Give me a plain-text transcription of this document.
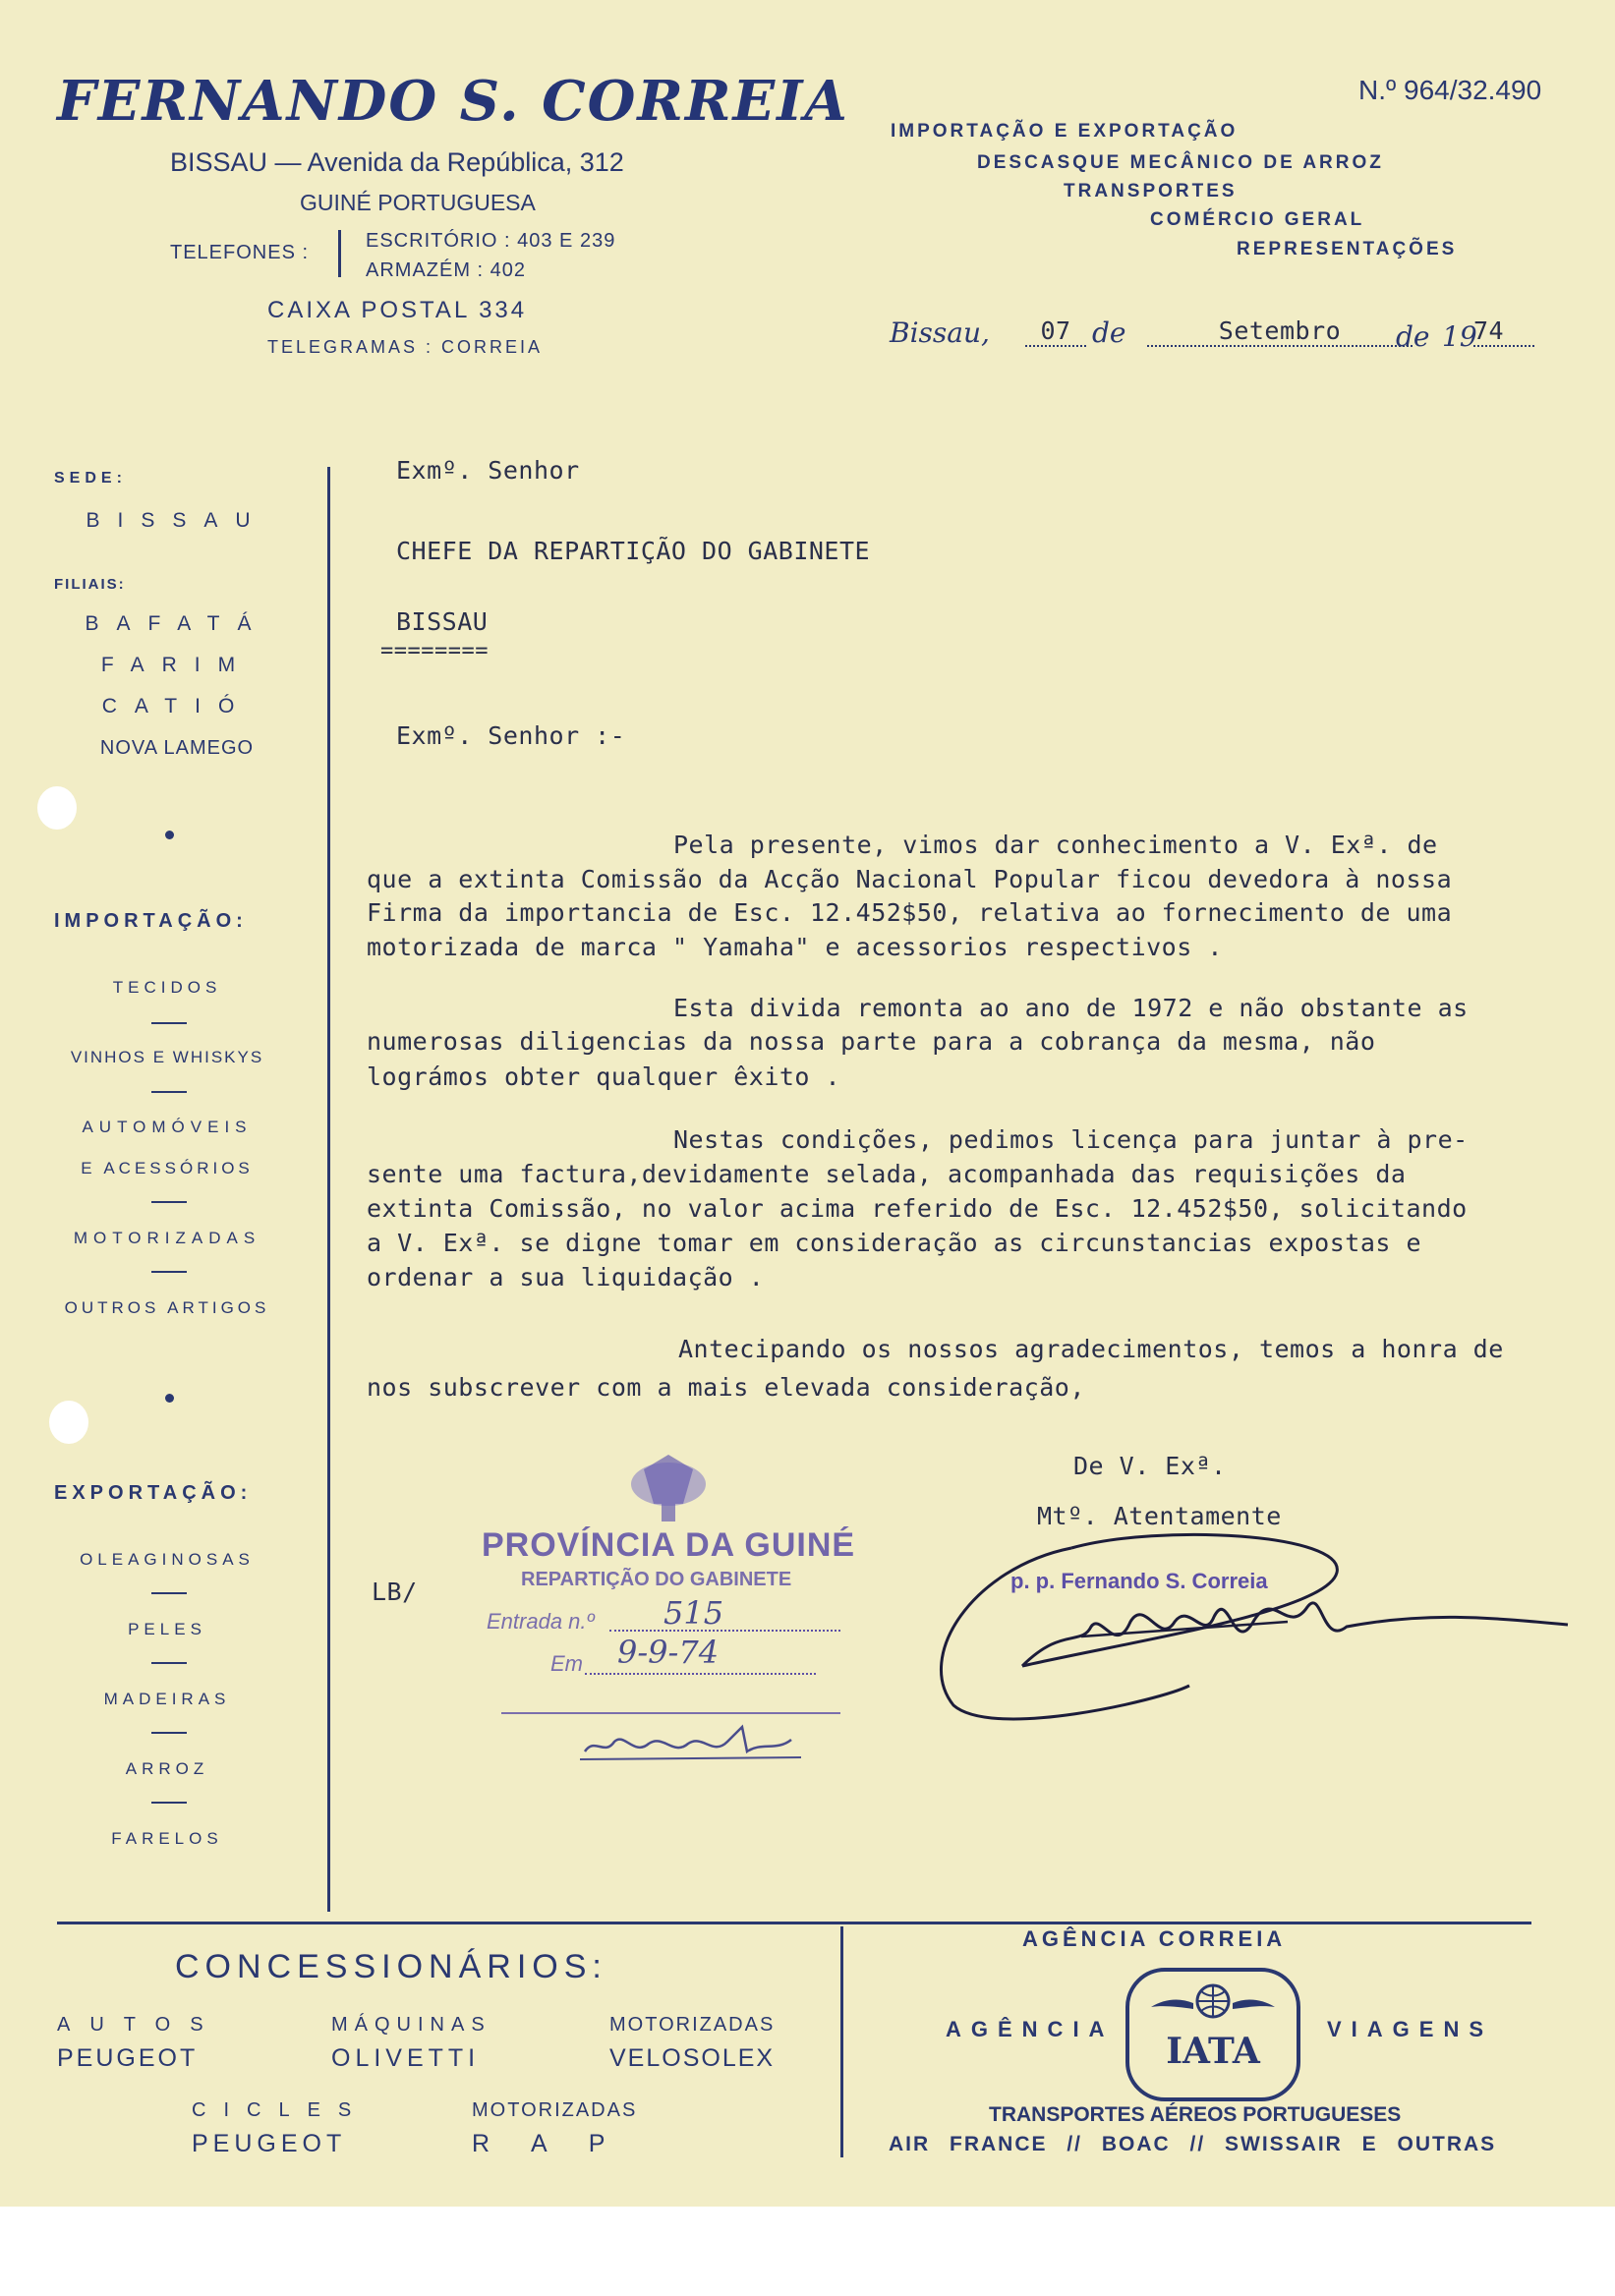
FERNANDO S. CORREIA
BISSAU — Avenida da República, 312
GUINÉ PORTUGUESA
TELEFONES :
ESCRITÓRIO : 403 E 239
ARMAZÉM : 402
CAIXA POSTAL 334
TELEGRAMAS : CORREIA
N.º 964/32.490
IMPORTAÇÃO E EXPORTAÇÃO
DESCASQUE MECÂNICO DE ARROZ
TRANSPORTES
COMÉRCIO GERAL
REPRESENTAÇÕES
Bissau,	07 de	Setembro	de 19
74
SEDE:
BISSAU
FILIAIS:
BAFATÁ
FARIM
CATIÓ
NOVA LAMEGO
IMPORTAÇÃO:
TECIDOS
VINHOS E WHISKYS
AUTOMÓVEIS
E ACESSÓRIOS
MOTORIZADAS
OUTROS ARTIGOS
EXPORTAÇÃO:
OLEAGINOSAS
PELES
MADEIRAS
ARROZ
FARELOS
Exmº. Senhor
CHEFE DA REPARTIÇÃO DO GABINETE
BISSAU
========
Exmº. Senhor :-
Pela presente, vimos dar conhecimento a V. Exª. de
que a extinta Comissão da Acção Nacional Popular ficou devedora à nossa
Firma da importancia de Esc. 12.452$50, relativa ao fornecimento de uma
motorizada de marca " Yamaha" e acessorios respectivos .
Esta divida remonta ao ano de 1972 e não obstante as
numerosas diligencias da nossa parte para a cobrança da mesma, não
lográmos obter qualquer êxito .
Nestas condições, pedimos licença para juntar à pre-
sente uma factura,devidamente selada, acompanhada das requisições da
extinta Comissão, no valor acima referido de Esc. 12.452$50, solicitando
a V. Exª. se digne tomar em consideração as circunstancias expostas e
ordenar a sua liquidação .
Antecipando os nossos agradecimentos, temos a honra de
nos subscrever com a mais elevada consideração,
De V. Exª.
Mtº. Atentamente
LB/	p. p. Fernando S. Correia
PROVÍNCIA DA GUINÉ
REPARTIÇÃO DO GABINETE
Entrada n.º 515
Em 9-9-74
CONCESSIONÁRIOS:
AUTOS
PEUGEOT
MÁQUINAS
OLIVETTI
MOTORIZADAS
VELOSOLEX
CICLES
PEUGEOT
MOTORIZADAS
RAP
AGÊNCIA CORREIA
AGÊNCIA	VIAGENS
IATA
TRANSPORTES AÉREOS PORTUGUESES
AIR FRANCE // BOAC // SWISSAIR E OUTRAS
